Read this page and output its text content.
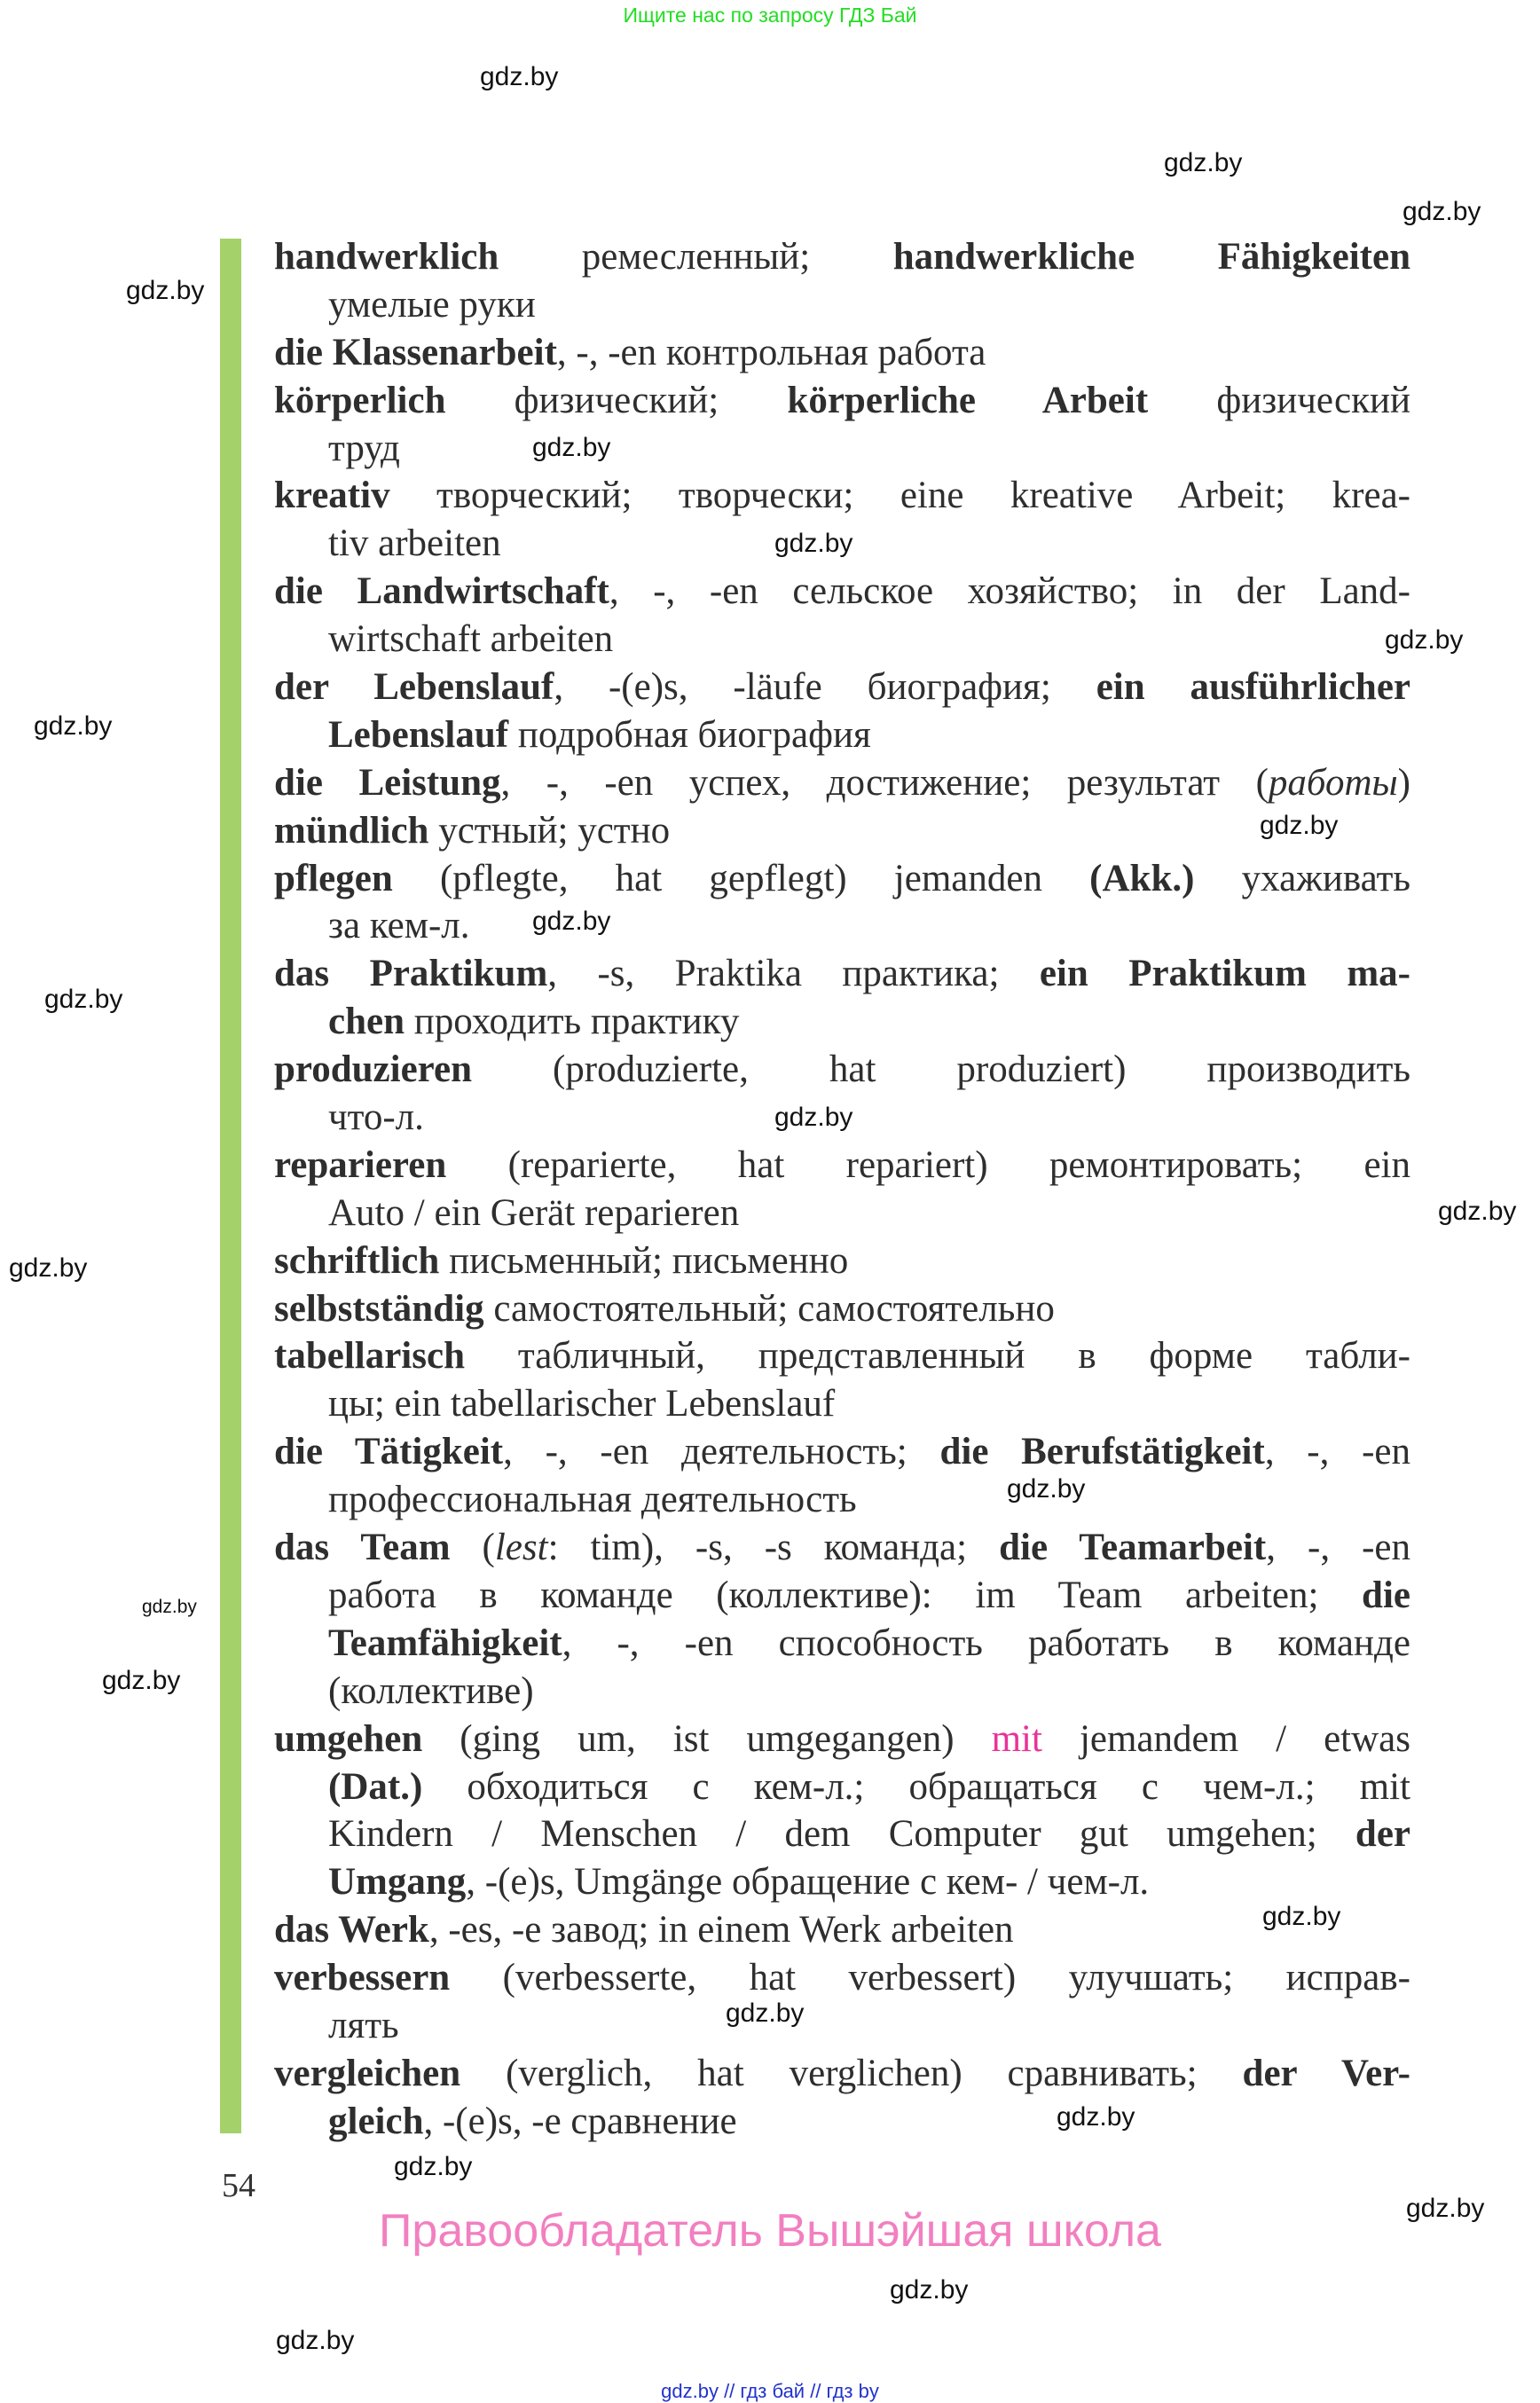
Ищите нас по запросу ГДЗ Бай
handwerklich ремесленный; handwerkliche Fähigkeiten
умелые руки
die Klassenarbeit, -, -en контрольная работа
körperlich физический; körperliche Arbeit физический
труд
kreativ творческий; творчески; eine kreative Arbeit; krea-
tiv arbeiten
die Landwirtschaft, -, -en сельское хозяйство; in der Land-
wirtschaft arbeiten
der Lebenslauf, -(e)s, -läufe биография; ein ausführlicher
Lebenslauf подробная биография
die Leistung, -, -en успех, достижение; результат (работы)
mündlich устный; устно
pflegen (pflegte, hat gepflegt) jemanden (Akk.) ухаживать
за кем-л.
das Praktikum, -s, Praktika практика; ein Praktikum ma-
chen проходить практику
produzieren (produzierte, hat produziert) производить
что-л.
reparieren (reparierte, hat repariert) ремонтировать; ein
Auto / ein Gerät reparieren
schriftlich письменный; письменно
selbstständig самостоятельный; самостоятельно
tabellarisch табличный, представленный в форме табли-
цы; ein tabellarischer Lebenslauf
die Tätigkeit, -, -en деятельность; die Berufstätigkeit, -, -en
профессиональная деятельность
das Team (lest: tim), -s, -s команда; die Teamarbeit, -, -en
работа в команде (коллективе): im Team arbeiten; die
Teamfähigkeit, -, -en способность работать в команде
(коллективе)
umgehen (ging um, ist umgegangen) mit jemandem / etwas
(Dat.) обходиться с кем-л.; обращаться с чем-л.; mit
Kindern / Menschen / dem Computer gut umgehen; der
Umgang, -(e)s, Umgänge обращение с кем- / чем-л.
das Werk, -es, -e завод; in einem Werk arbeiten
verbessern (verbesserte, hat verbessert) улучшать; исправ-
лять
vergleichen (verglich, hat verglichen) сравнивать; der Ver-
gleich, -(e)s, -e сравнение
gdz.by
gdz.by
gdz.by
gdz.by
gdz.by
gdz.by
gdz.by
gdz.by
gdz.by
gdz.by
gdz.by
gdz.by
gdz.by
gdz.by
gdz.by
gdz.by
gdz.by
gdz.by
gdz.by
gdz.by
gdz.by
gdz.by
gdz.by
gdz.by
54
Правообладатель Вышэйшая школа
gdz.by // гдз бай // гдз by
